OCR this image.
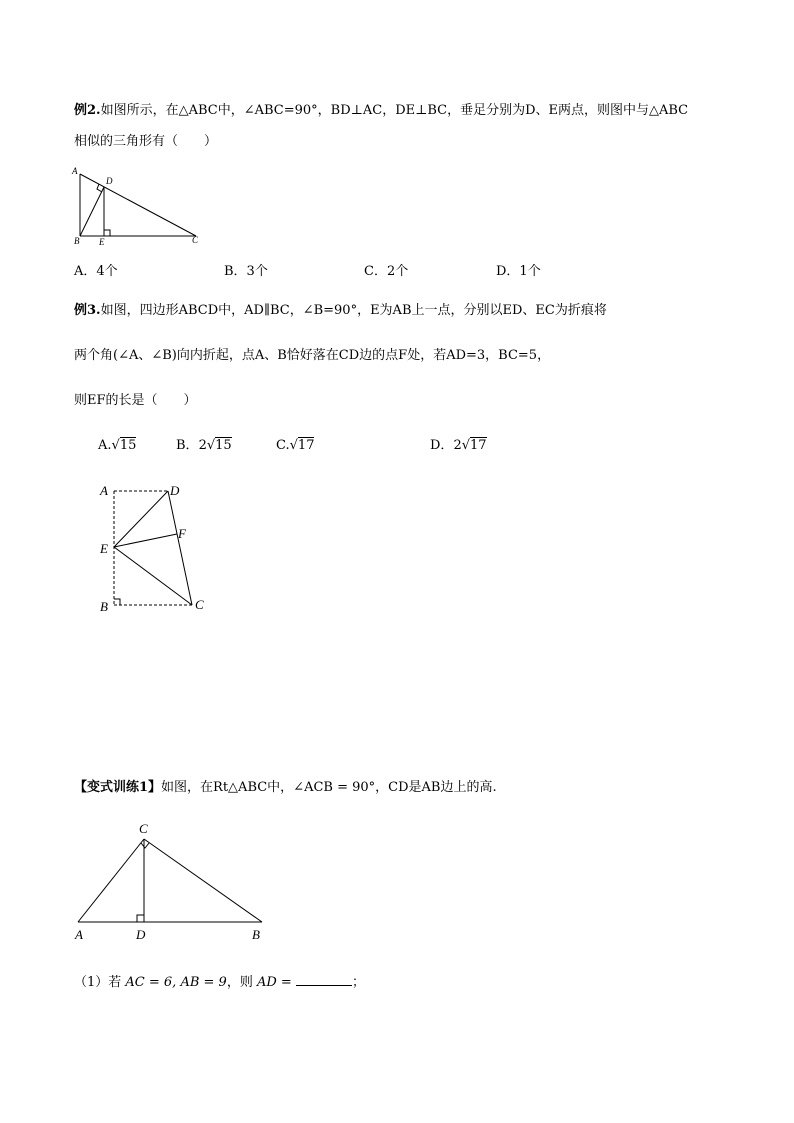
例2.如图所示，在△ABC中，∠ABC=90°，BD⊥AC，DE⊥BC，垂足分别为D、E两点，则图中与△ABC
相似的三角形有（　　）
A
D
B E	C
A．4个	B．3个	C．2个	D．1个
例3.如图，四边形ABCD中，AD∥BC，∠B=90°，E为AB上一点，分别以ED、EC为折痕将
两个角(∠A、∠B)向内折起，点A、B恰好落在CD边的点F处，若AD=3，BC=5，
则EF的长是（　　）
A.√15	B．2√15	C.√17	D．2√17
A	D
F
E
B	C
【变式训练1】如图，在Rt△ABC中，∠ACB = 90°，CD是AB边上的高.
C
A	D	B
（1）若 AC = 6, AB = 9，则 AD =	；
